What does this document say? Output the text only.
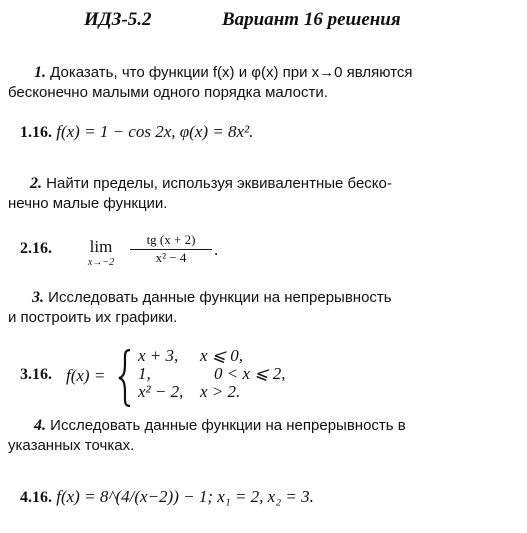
ИДЗ-5.2	Вариант 16 решения
1. Доказать, что функции f(x) и φ(x) при x→0 являются
бесконечно малыми одного порядка малости.
1.16. f(x) = 1 − cos 2x, φ(x) = 8x².
2. Найти пределы, используя эквивалентные беско-
нечно малые функции.
2.16.	lim
x→−2	$\frac{tg (x + 2)}{\text{x² − 4}}$ .
3. Исследовать данные функции на непрерывность
и построить их графики.
3.16. f(x) =
x + 3, x ⩽ 0,
1,	0 < x ⩽ 2,
x² − 2, x > 2.
4. Исследовать данные функции на непрерывность в
указанных точках.
4.16. f(x) = 8^(4/(x−2)) − 1; x₁ = 2, x₂ = 3.
